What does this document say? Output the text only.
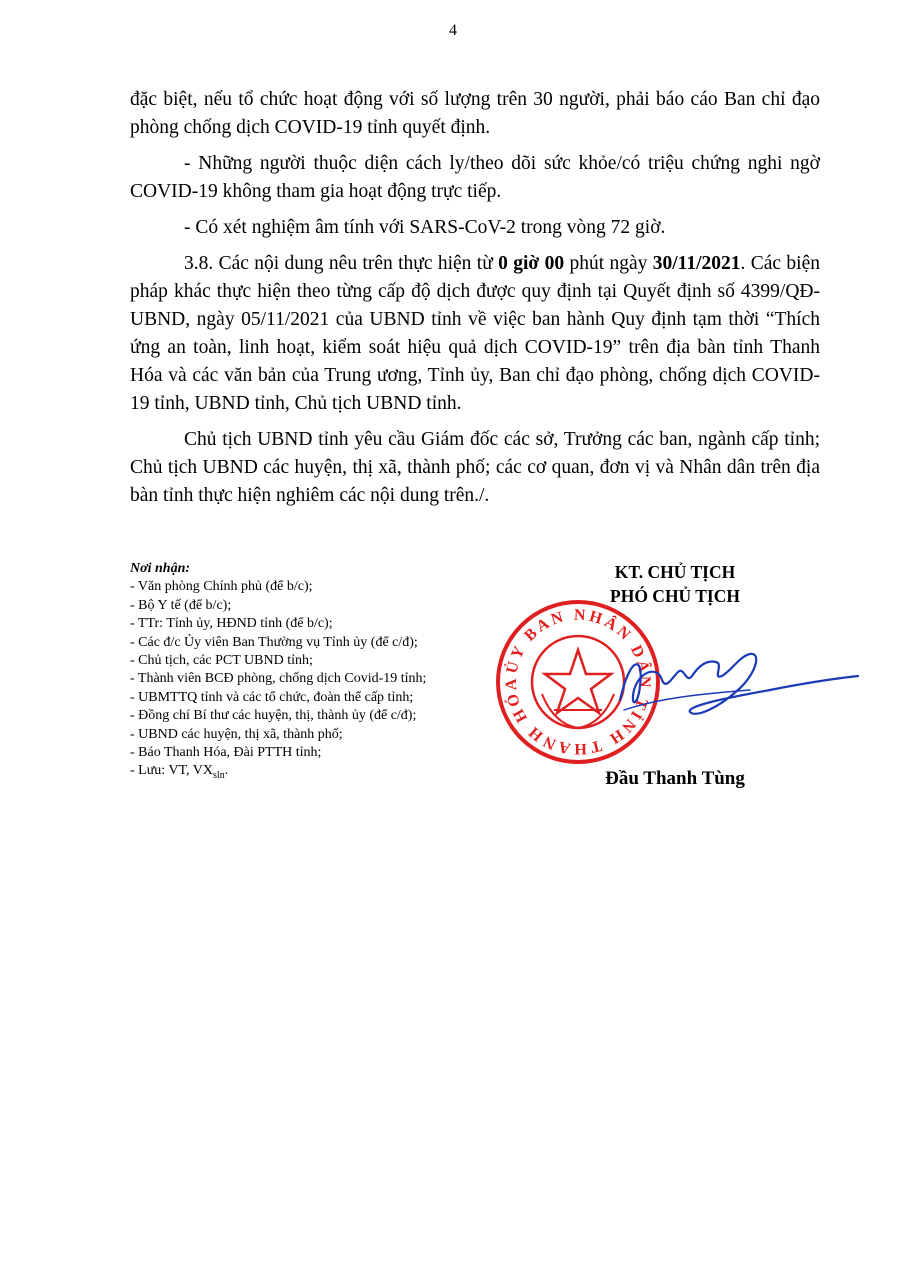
4

đặc biệt, nếu tổ chức hoạt động với số lượng trên 30 người, phải báo cáo Ban chỉ đạo phòng chống dịch COVID-19 tỉnh quyết định.

- Những người thuộc diện cách ly/theo dõi sức khỏe/có triệu chứng nghi ngờ COVID-19 không tham gia hoạt động trực tiếp.

- Có xét nghiệm âm tính với SARS-CoV-2 trong vòng 72 giờ.

3.8. Các nội dung nêu trên thực hiện từ 0 giờ 00 phút ngày 30/11/2021. Các biện pháp khác thực hiện theo từng cấp độ dịch được quy định tại Quyết định số 4399/QĐ-UBND, ngày 05/11/2021 của UBND tỉnh về việc ban hành Quy định tạm thời “Thích ứng an toàn, linh hoạt, kiểm soát hiệu quả dịch COVID-19” trên địa bàn tỉnh Thanh Hóa và các văn bản của Trung ương, Tỉnh ủy, Ban chỉ đạo phòng, chống dịch COVID-19 tỉnh, UBND tỉnh, Chủ tịch UBND tỉnh.

Chủ tịch UBND tỉnh yêu cầu Giám đốc các sở, Trưởng các ban, ngành cấp tỉnh; Chủ tịch UBND các huyện, thị xã, thành phố; các cơ quan, đơn vị và Nhân dân trên địa bàn tỉnh thực hiện nghiêm các nội dung trên./.

Nơi nhận:
- Văn phòng Chính phủ (để b/c);
- Bộ Y tế (để b/c);
- TTr: Tỉnh ủy, HĐND tỉnh (để b/c);
- Các đ/c Ủy viên Ban Thường vụ Tỉnh ủy (để c/đ);
- Chủ tịch, các PCT UBND tỉnh;
- Thành viên BCĐ phòng, chống dịch Covid-19 tỉnh;
- UBMTTQ tỉnh và các tổ chức, đoàn thể cấp tỉnh;
- Đồng chí Bí thư các huyện, thị, thành ủy (để c/đ);
- UBND các huyện, thị xã, thành phố;
- Báo Thanh Hóa, Đài PTTH tỉnh;
- Lưu: VT, $VX_{sln}$.
KT. CHỦ TỊCH
PHÓ CHỦ TỊCH
ỦY BAN NHÂN DÂN TỈNH THANH HÓA
Đầu Thanh Tùng
